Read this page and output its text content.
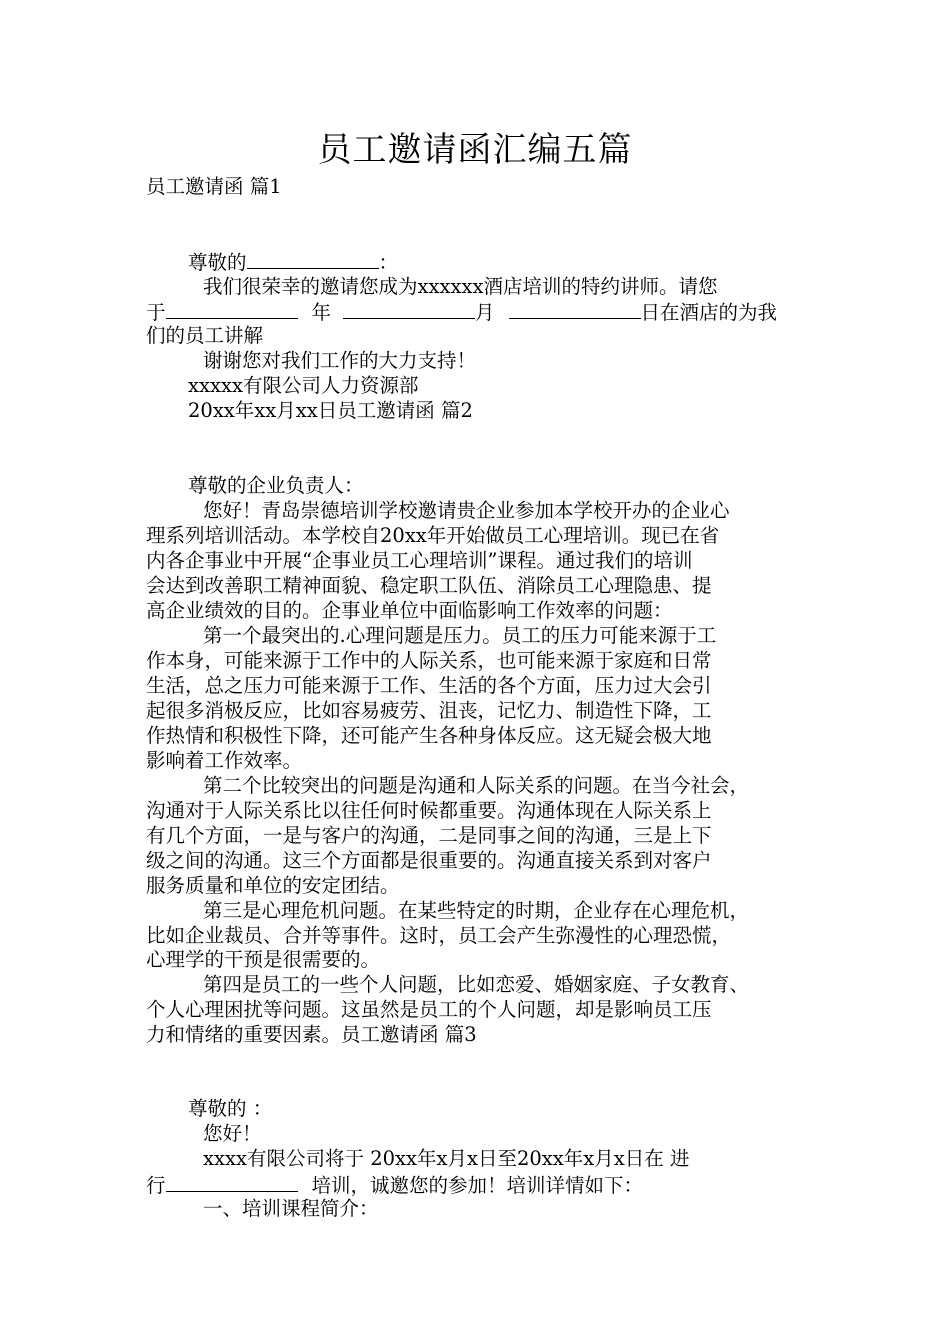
员工邀请函汇编五篇
员工邀请函 篇1
尊敬的	：
我们很荣幸的邀请您成为xxxxxx酒店培训的特约讲师。请您
于	年	月	日在酒店的为我
们的员工讲解
谢谢您对我们工作的大力支持！
xxxxx有限公司人力资源部
20xx年xx月xx日员工邀请函 篇2
尊敬的企业负责人：
您好！青岛崇德培训学校邀请贵企业参加本学校开办的企业心
理系列培训活动。本学校自20xx年开始做员工心理培训。现已在省
内各企事业中开展“企事业员工心理培训”课程。通过我们的培训
会达到改善职工精神面貌、稳定职工队伍、消除员工心理隐患、提
高企业绩效的目的。企事业单位中面临影响工作效率的问题：
第一个最突出的.心理问题是压力。员工的压力可能来源于工
作本身，可能来源于工作中的人际关系，也可能来源于家庭和日常
生活，总之压力可能来源于工作、生活的各个方面，压力过大会引
起很多消极反应，比如容易疲劳、沮丧，记忆力、制造性下降，工
作热情和积极性下降，还可能产生各种身体反应。这无疑会极大地
影响着工作效率。
第二个比较突出的问题是沟通和人际关系的问题。在当今社会，
沟通对于人际关系比以往任何时候都重要。沟通体现在人际关系上
有几个方面，一是与客户的沟通，二是同事之间的沟通，三是上下
级之间的沟通。这三个方面都是很重要的。沟通直接关系到对客户
服务质量和单位的安定团结。
第三是心理危机问题。在某些特定的时期，企业存在心理危机，
比如企业裁员、合并等事件。这时，员工会产生弥漫性的心理恐慌，
心理学的干预是很需要的。
第四是员工的一些个人问题，比如恋爱、婚姻家庭、子女教育、
个人心理困扰等问题。这虽然是员工的个人问题，却是影响员工压
力和情绪的重要因素。员工邀请函 篇3
尊敬的 ：
您好！
xxxx有限公司将于 20xx年x月x日至20xx年x月x日在 进
行	培训，诚邀您的参加！培训详情如下：
一、培训课程简介：
